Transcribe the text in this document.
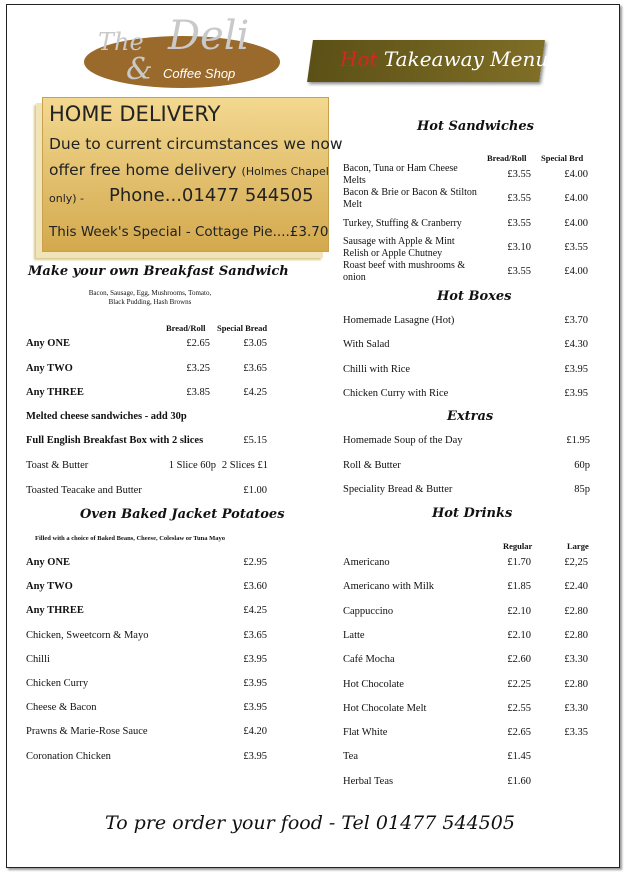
The Deli
& Coffee Shop
Hot Takeaway Menu
HOME DELIVERY
Due to current circumstances we now
offer free home delivery (Holmes Chapel
only) - Phone...01477 544505
This Week's Special - Cottage Pie....£3.70
Make your own Breakfast Sandwich
Bacon, Sausage, Egg, Mushrooms, Tomato,
Black Pudding, Hash Browns
Bread/Roll Special Bread
Any ONE	£2.65	£3.05
Any TWO	£3.25	£3.65
Any THREE	£3.85	£4.25
Melted cheese sandwiches - add 30p
Full English Breakfast Box with 2 slices	£5.15
Toast & Butter	1 Slice 60p 2 Slices £1
Toasted Teacake and Butter	£1.00
Oven Baked Jacket Potatoes
Filled with a choice of Baked Beans, Cheese, Coleslaw or Tuna Mayo
Any ONE	£2.95
Any TWO	£3.60
Any THREE	£4.25
Chicken, Sweetcorn & Mayo	£3.65
Chilli	£3.95
Chicken Curry	£3.95
Cheese & Bacon	£3.95
Prawns & Marie-Rose Sauce	£4.20
Coronation Chicken	£3.95
Hot Sandwiches
Bread/Roll Special Brd
Bacon, Tuna or Ham Cheese
Melts
£3.55	£4.00
Bacon & Brie or Bacon & Stilton
Melt
£3.55	£4.00
Turkey, Stuffing & Cranberry	£3.55	£4.00
Sausage with Apple & Mint
Relish or Apple Chutney
£3.10	£3.55
Roast beef with mushrooms &
onion
£3.55	£4.00
Hot Boxes
Homemade Lasagne (Hot)	£3.70
With Salad	£4.30
Chilli with Rice	£3.95
Chicken Curry with Rice	£3.95
Extras
Homemade Soup of the Day	£1.95
Roll & Butter	60p
Speciality Bread & Butter	85p
Hot Drinks
Regular	Large
Americano	£1.70	£2,25
Americano with Milk	£1.85	£2.40
Cappuccino	£2.10	£2.80
Latte	£2.10	£2.80
Café Mocha	£2.60	£3.30
Hot Chocolate	£2.25	£2.80
Hot Chocolate Melt	£2.55	£3.30
Flat White	£2.65	£3.35
Tea	£1.45
Herbal Teas	£1.60
To pre order your food - Tel 01477 544505
